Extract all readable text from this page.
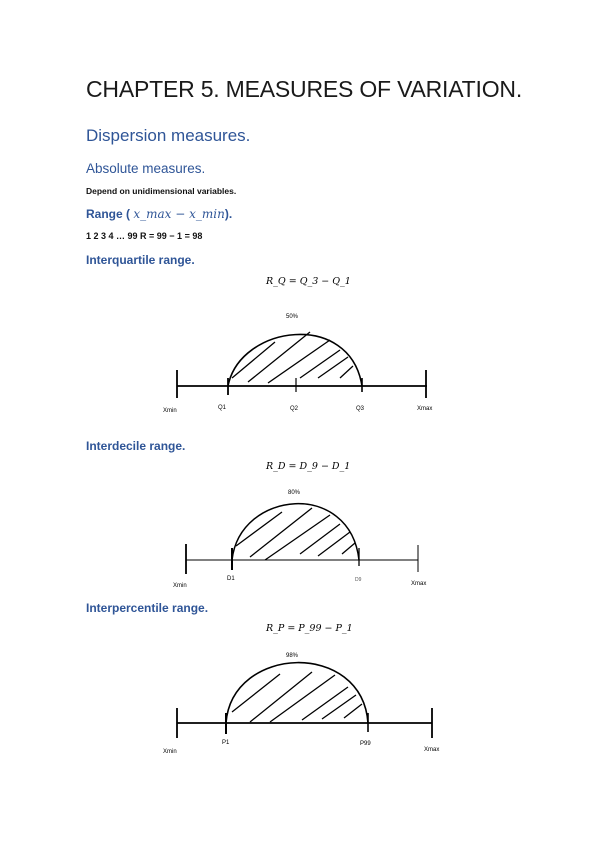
CHAPTER 5. MEASURES OF VARIATION.
Dispersion measures.
Absolute measures.
Depend on unidimensional variables.
Range ( x_max − x_min).
1 2 3 4 … 99 R = 99 − 1 = 98
Interquartile range.
R_Q = Q_3 − Q_1
Interdecile range.
R_D = D_9 − D_1
Interpercentile range.
R_P = P_99 − P_1
50%
Xmin	Q1	Q2	Q3	Xmax
80%
Xmin
D1	D9
Xmax
98%
Xmin
P1	P99
Xmax
